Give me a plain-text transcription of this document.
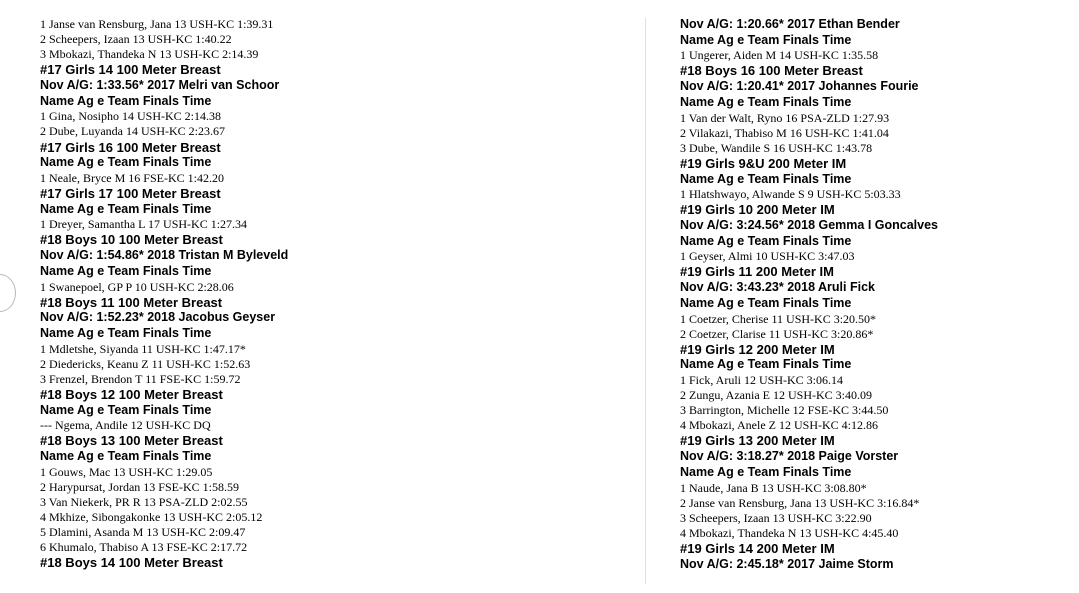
1 Janse van Rensburg, Jana 13 USH-KC 1:39.31
2 Scheepers, Izaan 13 USH-KC 1:40.22
3 Mbokazi, Thandeka N 13 USH-KC 2:14.39
#17 Girls 14 100 Meter Breast
Nov A/G: 1:33.56* 2017 Melri van Schoor
Name Ag e Team Finals Time
1 Gina, Nosipho 14 USH-KC 2:14.38
2 Dube, Luyanda 14 USH-KC 2:23.67
#17 Girls 16 100 Meter Breast
Name Ag e Team Finals Time
1 Neale, Bryce M 16 FSE-KC 1:42.20
#17 Girls 17 100 Meter Breast
Name Ag e Team Finals Time
1 Dreyer, Samantha L 17 USH-KC 1:27.34
#18 Boys 10 100 Meter Breast
Nov A/G: 1:54.86* 2018 Tristan M Byleveld
Name Ag e Team Finals Time
1 Swanepoel, GP P 10 USH-KC 2:28.06
#18 Boys 11 100 Meter Breast
Nov A/G: 1:52.23* 2018 Jacobus Geyser
Name Ag e Team Finals Time
1 Mdletshe, Siyanda 11 USH-KC 1:47.17*
2 Diedericks, Keanu Z 11 USH-KC 1:52.63
3 Frenzel, Brendon T 11 FSE-KC 1:59.72
#18 Boys 12 100 Meter Breast
Name Ag e Team Finals Time
--- Ngema, Andile 12 USH-KC DQ
#18 Boys 13 100 Meter Breast
Name Ag e Team Finals Time
1 Gouws, Mac 13 USH-KC 1:29.05
2 Harypursat, Jordan 13 FSE-KC 1:58.59
3 Van Niekerk, PR R 13 PSA-ZLD 2:02.55
4 Mkhize, Sibongakonke 13 USH-KC 2:05.12
5 Dlamini, Asanda M 13 USH-KC 2:09.47
6 Khumalo, Thabiso A 13 FSE-KC 2:17.72
#18 Boys 14 100 Meter Breast
Nov A/G: 1:20.66* 2017 Ethan Bender
Name Ag e Team Finals Time
1 Ungerer, Aiden M 14 USH-KC 1:35.58
#18 Boys 16 100 Meter Breast
Nov A/G: 1:20.41* 2017 Johannes Fourie
Name Ag e Team Finals Time
1 Van der Walt, Ryno 16 PSA-ZLD 1:27.93
2 Vilakazi, Thabiso M 16 USH-KC 1:41.04
3 Dube, Wandile S 16 USH-KC 1:43.78
#19 Girls 9&U 200 Meter IM
Name Ag e Team Finals Time
1 Hlatshwayo, Alwande S 9 USH-KC 5:03.33
#19 Girls 10 200 Meter IM
Nov A/G: 3:24.56* 2018 Gemma I Goncalves
Name Ag e Team Finals Time
1 Geyser, Almi 10 USH-KC 3:47.03
#19 Girls 11 200 Meter IM
Nov A/G: 3:43.23* 2018 Aruli Fick
Name Ag e Team Finals Time
1 Coetzer, Cherise 11 USH-KC 3:20.50*
2 Coetzer, Clarise 11 USH-KC 3:20.86*
#19 Girls 12 200 Meter IM
Name Ag e Team Finals Time
1 Fick, Aruli 12 USH-KC 3:06.14
2 Zungu, Azania E 12 USH-KC 3:40.09
3 Barrington, Michelle 12 FSE-KC 3:44.50
4 Mbokazi, Anele Z 12 USH-KC 4:12.86
#19 Girls 13 200 Meter IM
Nov A/G: 3:18.27* 2018 Paige Vorster
Name Ag e Team Finals Time
1 Naude, Jana B 13 USH-KC 3:08.80*
2 Janse van Rensburg, Jana 13 USH-KC 3:16.84*
3 Scheepers, Izaan 13 USH-KC 3:22.90
4 Mbokazi, Thandeka N 13 USH-KC 4:45.40
#19 Girls 14 200 Meter IM
Nov A/G: 2:45.18* 2017 Jaime Storm
